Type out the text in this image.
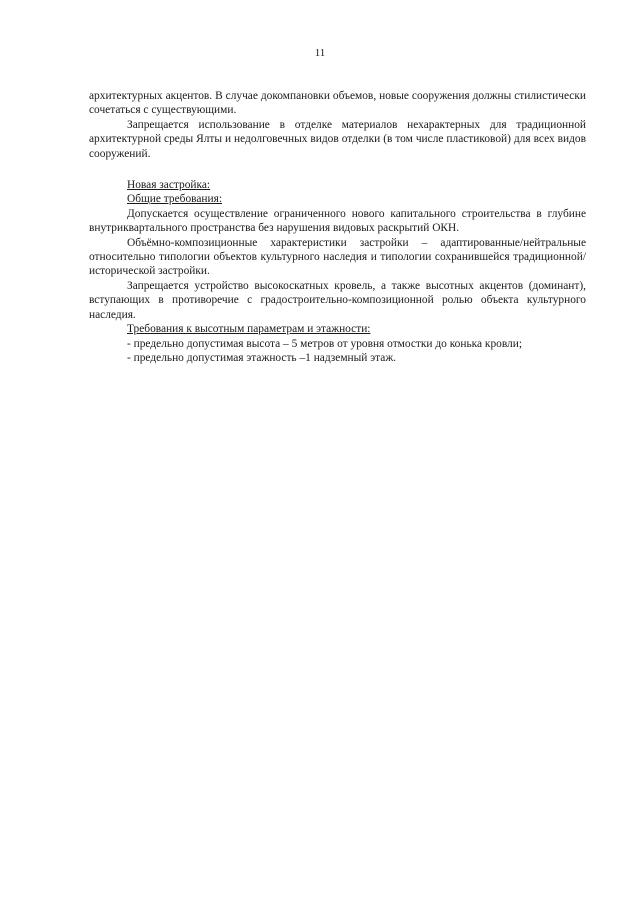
11

архитектурных акцентов. В случае докомпановки объемов, новые сооружения должны стилистически сочетаться с существующими.

Запрещается использование в отделке материалов нехарактерных для традиционной архитектурной среды Ялты и недолговечных видов отделки (в том числе пластиковой) для всех видов сооружений.

Новая застройка:

Общие требования:

Допускается осуществление ограниченного нового капитального строительства в глубине внутриквартального пространства без нарушения видовых раскрытий ОКН.

Объёмно-композиционные характеристики застройки – адаптированные/нейтральные относительно типологии объектов культурного наследия и типологии сохранившейся традиционной/исторической застройки.

Запрещается устройство высокоскатных кровель, а также высотных акцентов (доминант), вступающих в противоречие с градостроительно-композиционной ролью объекта культурного наследия.

Требования к высотным параметрам и этажности:

- предельно допустимая высота – 5 метров от уровня отмостки до конька кровли;

- предельно допустимая этажность –1 надземный этаж.
